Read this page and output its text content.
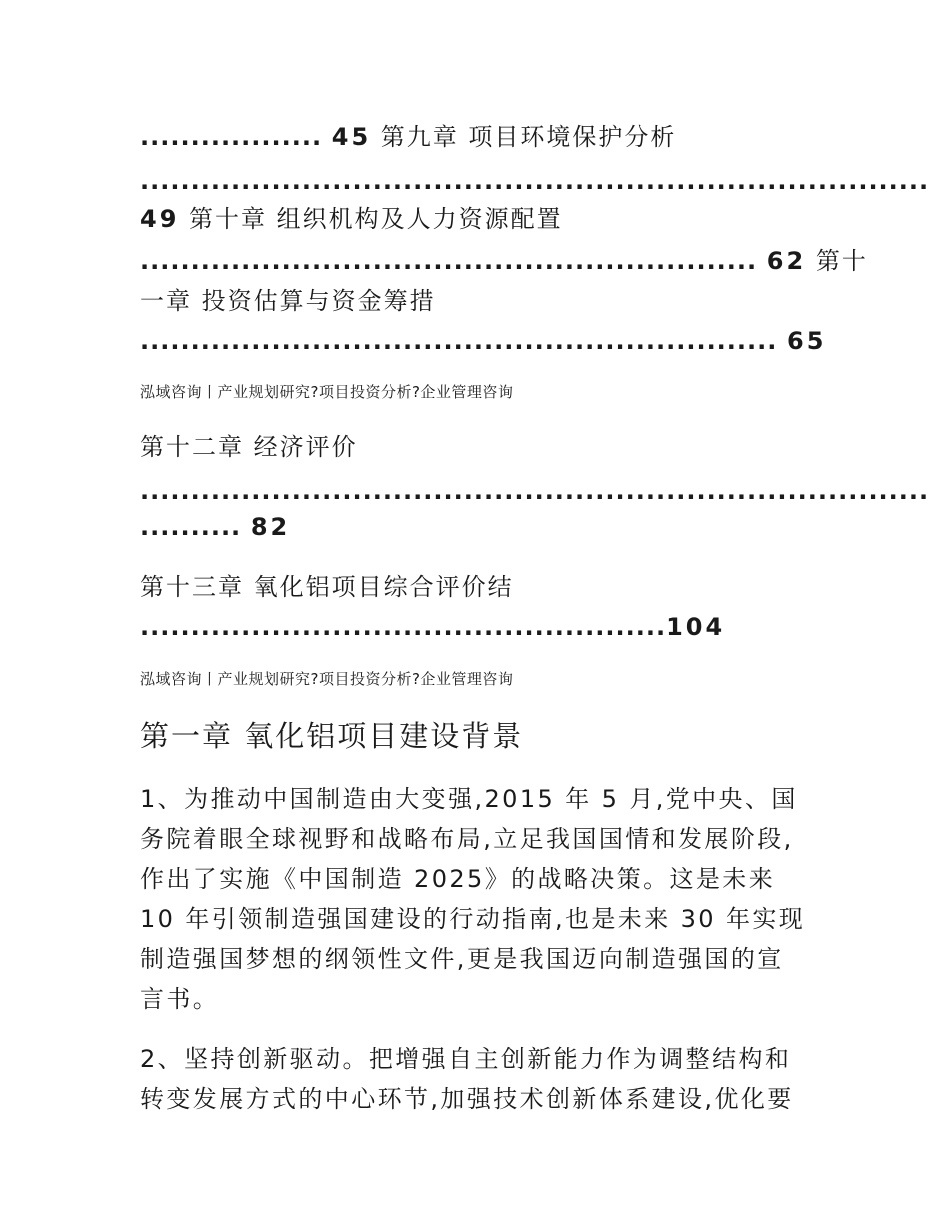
.................. 45 第九章 项目环境保护分析
..............................................................................
49 第十章 组织机构及人力资源配置
............................................................. 62 第十
一章 投资估算与资金筹措
............................................................... 65
泓域咨询丨产业规划研究?项目投资分析?企业管理咨询
第十二章 经济评价
..............................................................................
.......... 82
第十三章 氧化铝项目综合评价结
....................................................104
泓域咨询丨产业规划研究?项目投资分析?企业管理咨询
第一章 氧化铝项目建设背景
1、为推动中国制造由大变强,2015 年 5 月,党中央、国
务院着眼全球视野和战略布局,立足我国国情和发展阶段,
作出了实施《中国制造 2025》的战略决策。这是未来
10 年引领制造强国建设的行动指南,也是未来 30 年实现
制造强国梦想的纲领性文件,更是我国迈向制造强国的宣
言书。
2、坚持创新驱动。把增强自主创新能力作为调整结构和
转变发展方式的中心环节,加强技术创新体系建设,优化要
